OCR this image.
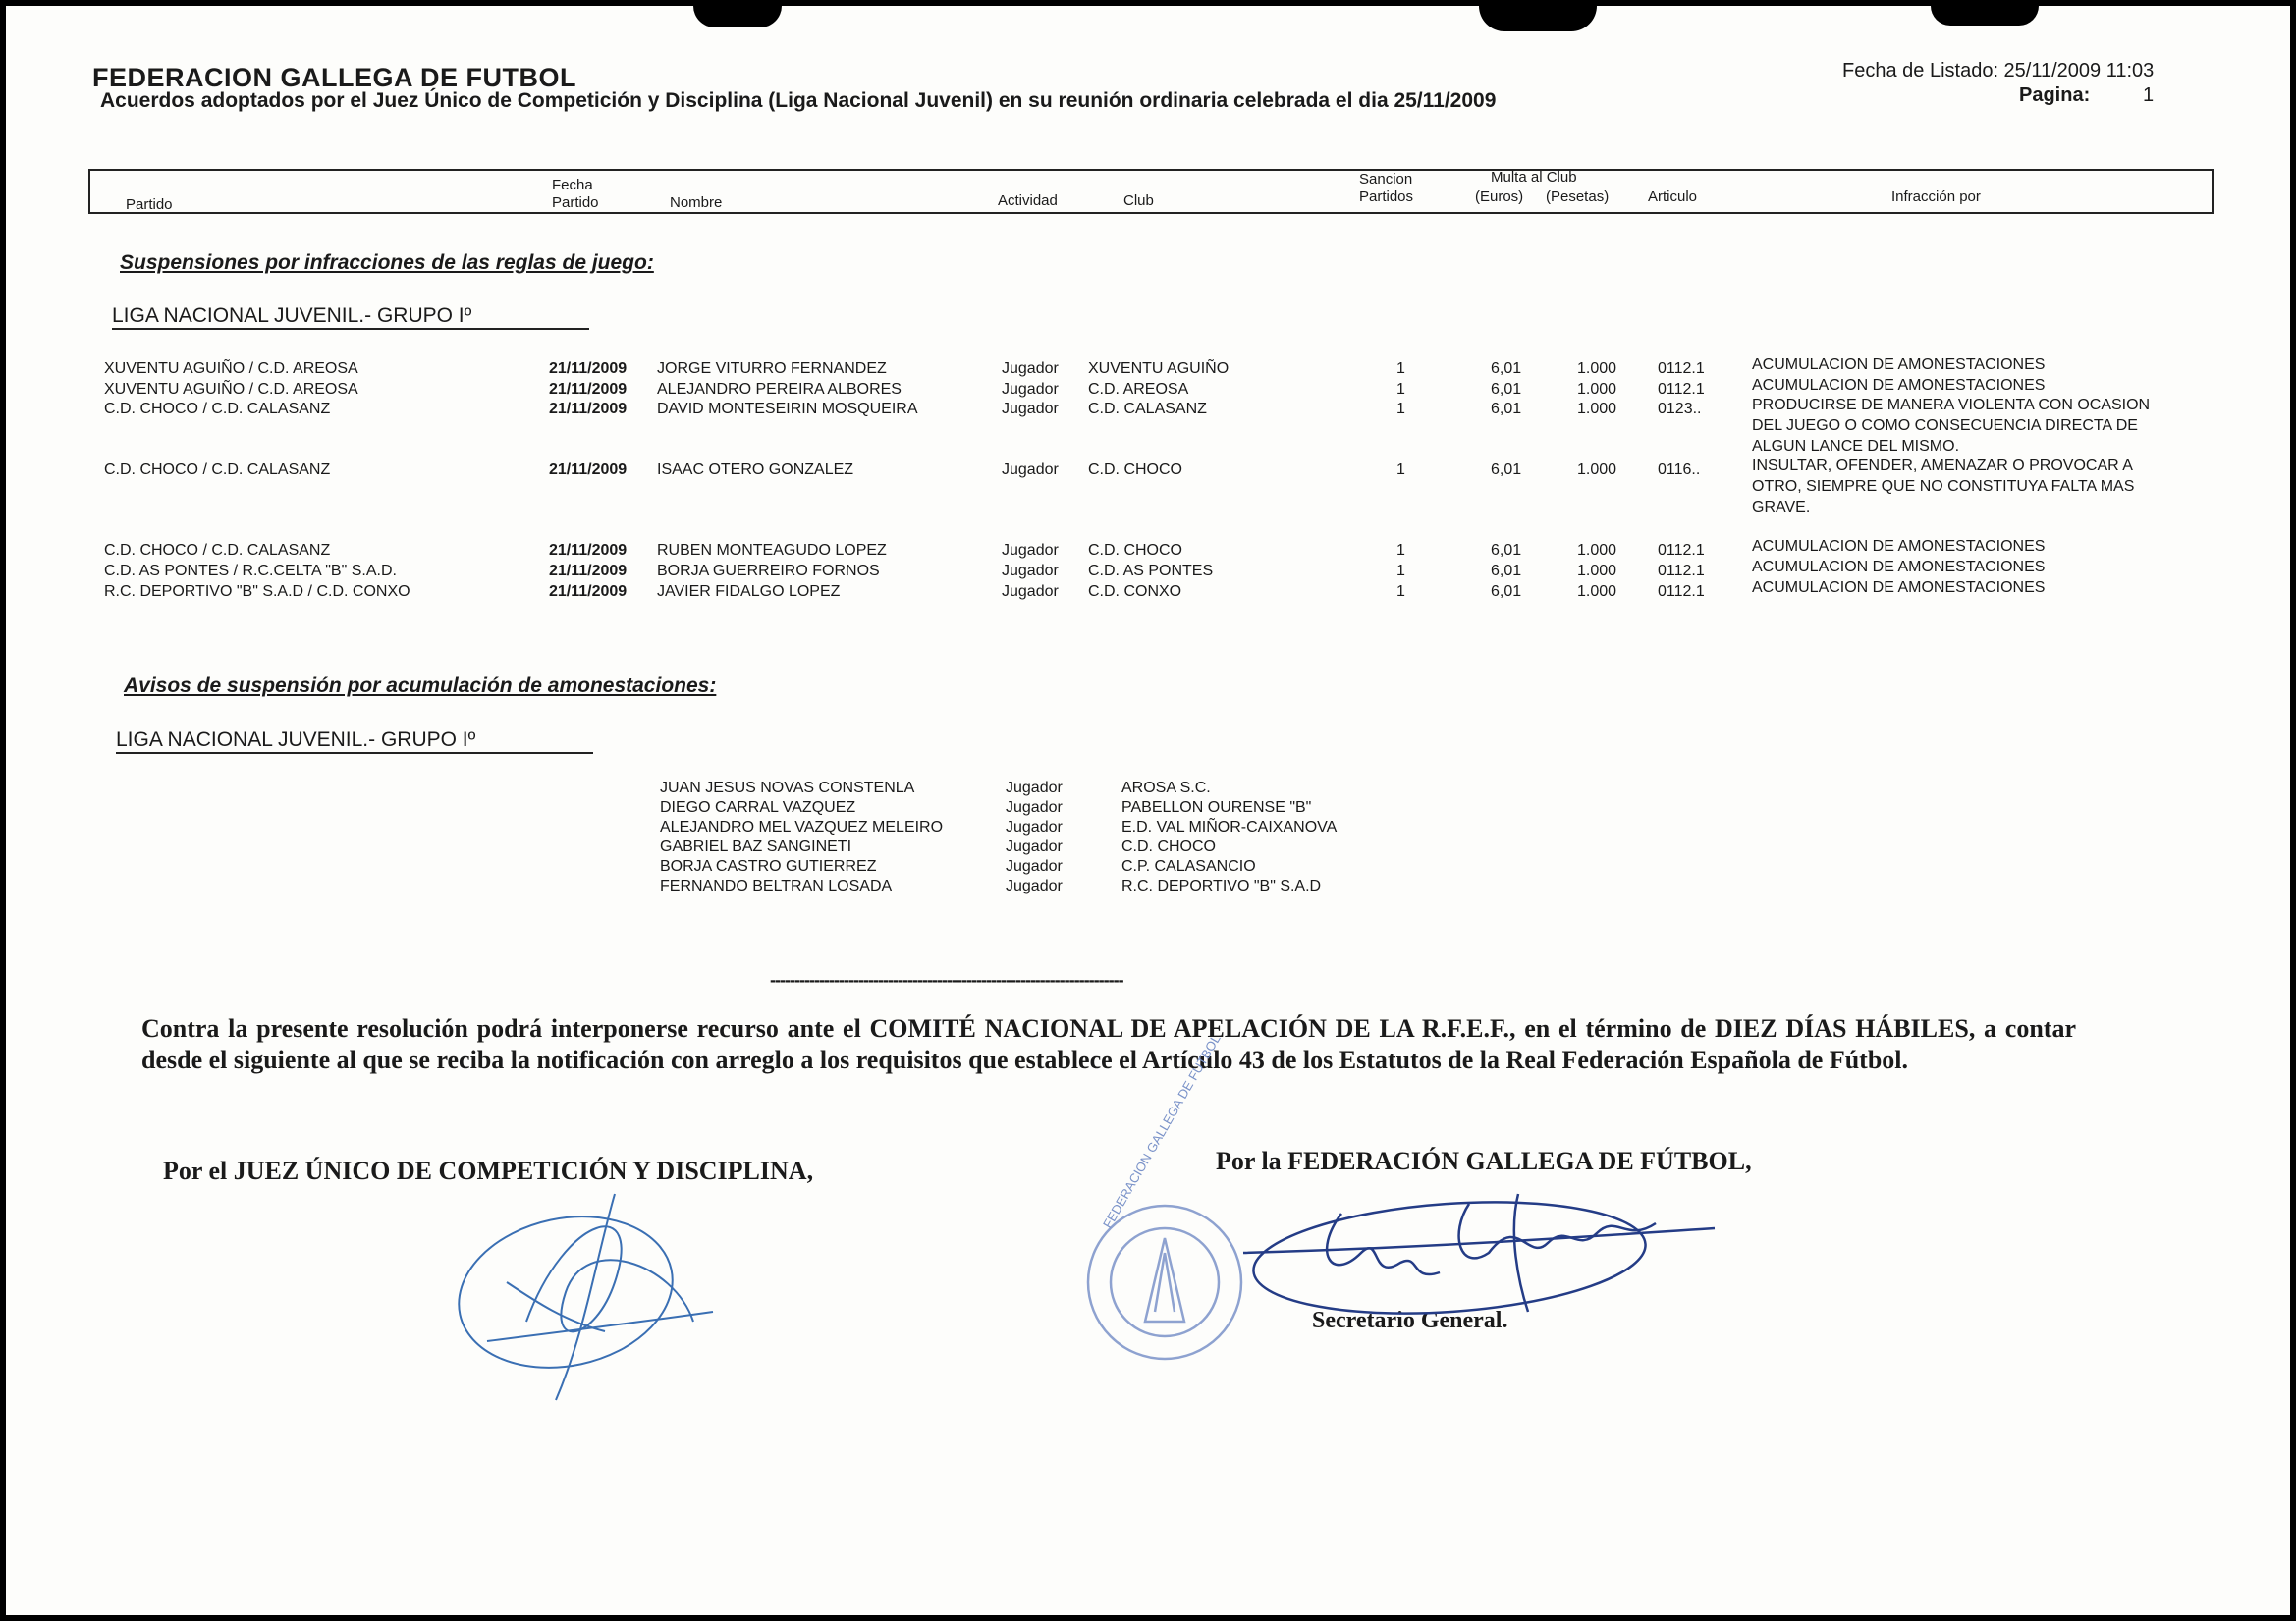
FEDERACION GALLEGA DE FUTBOL
Acuerdos adoptados por el Juez Único de Competición y Disciplina (Liga Nacional Juvenil) en su reunión ordinaria celebrada el dia 25/11/2009
Fecha de Listado: 25/11/2009 11:03
Pagina:	1
Partido
Fecha
Partido	Nombre	Actividad	Club
Sancion
Partidos
Multa al Club
(Euros) (Pesetas)	Articulo	Infracción por
Suspensiones por infracciones de las reglas de juego:
LIGA NACIONAL JUVENIL.- GRUPO Iº
XUVENTU AGUIÑO / C.D. AREOSA	21/11/2009 JORGE VITURRO FERNANDEZ	Jugador XUVENTU AGUIÑO	1	6,01	1.000	0112.1	ACUMULACION DE AMONESTACIONES
XUVENTU AGUIÑO / C.D. AREOSA	21/11/2009 ALEJANDRO PEREIRA ALBORES	Jugador C.D. AREOSA	1	6,01	1.000	0112.1	ACUMULACION DE AMONESTACIONES
C.D. CHOCO / C.D. CALASANZ	21/11/2009 DAVID MONTESEIRIN MOSQUEIRA	Jugador C.D. CALASANZ	1	6,01	1.000	0123..	PRODUCIRSE DE MANERA VIOLENTA CON OCASION DEL JUEGO O COMO CONSECUENCIA DIRECTA DE ALGUN LANCE DEL MISMO.
C.D. CHOCO / C.D. CALASANZ	21/11/2009 ISAAC OTERO GONZALEZ	Jugador C.D. CHOCO	1	6,01	1.000	0116..	INSULTAR, OFENDER, AMENAZAR O PROVOCAR A OTRO, SIEMPRE QUE NO CONSTITUYA FALTA MAS GRAVE.
C.D. CHOCO / C.D. CALASANZ	21/11/2009 RUBEN MONTEAGUDO LOPEZ	Jugador C.D. CHOCO	1	6,01	1.000	0112.1	ACUMULACION DE AMONESTACIONES
C.D. AS PONTES / R.C.CELTA "B" S.A.D.	21/11/2009 BORJA GUERREIRO FORNOS	Jugador C.D. AS PONTES	1	6,01	1.000	0112.1	ACUMULACION DE AMONESTACIONES
R.C. DEPORTIVO "B" S.A.D / C.D. CONXO	21/11/2009 JAVIER FIDALGO LOPEZ	Jugador C.D. CONXO	1	6,01	1.000	0112.1	ACUMULACION DE AMONESTACIONES
Avisos de suspensión por acumulación de amonestaciones:
LIGA NACIONAL JUVENIL.- GRUPO Iº
JUAN JESUS NOVAS CONSTENLA	Jugador	AROSA S.C.
DIEGO CARRAL VAZQUEZ	Jugador	PABELLON OURENSE "B"
ALEJANDRO MEL VAZQUEZ MELEIRO	Jugador	E.D. VAL MIÑOR-CAIXANOVA
GABRIEL BAZ SANGINETI	Jugador	C.D. CHOCO
BORJA CASTRO GUTIERREZ	Jugador	C.P. CALASANCIO
FERNANDO BELTRAN LOSADA	Jugador	R.C. DEPORTIVO "B" S.A.D
------------------------------------------------------------------------
Contra la presente resolución podrá interponerse recurso ante el COMITÉ NACIONAL DE APELACIÓN DE LA R.F.E.F., en el término de DIEZ DÍAS HÁBILES, a contar desde el siguiente al que se reciba la notificación con arreglo a los requisitos que establece el Artículo 43 de los Estatutos de la Real Federación Española de Fútbol.
Por el JUEZ ÚNICO DE COMPETICIÓN Y DISCIPLINA,	Por la FEDERACIÓN GALLEGA DE FÚTBOL,
Secretario General.
FEDERACION GALLEGA DE FUTBOL
